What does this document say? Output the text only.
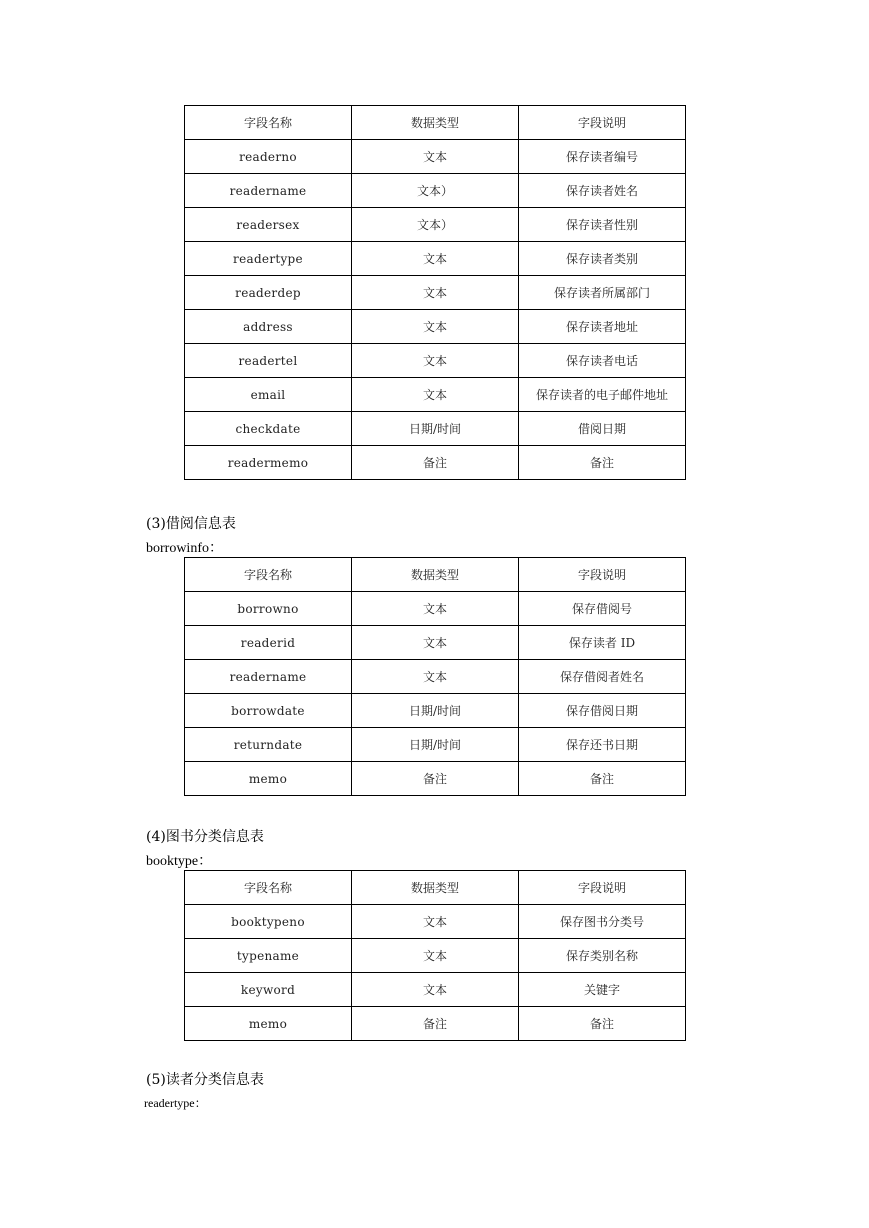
字段名称	数据类型	字段说明
readerno	文本	保存读者编号
readername	文本）	保存读者姓名
readersex	文本）	保存读者性别
readertype	文本	保存读者类别
readerdep	文本	保存读者所属部门
address	文本	保存读者地址
readertel	文本	保存读者电话
email	文本	保存读者的电子邮件地址
checkdate	日期/时间	借阅日期
readermemo	备注	备注
(3)借阅信息表
borrowinfo：
字段名称	数据类型	字段说明
borrowno	文本	保存借阅号
readerid	文本	保存读者 ID
readername	文本	保存借阅者姓名
borrowdate	日期/时间	保存借阅日期
returndate	日期/时间	保存还书日期
memo	备注	备注
(4)图书分类信息表
booktype：
字段名称	数据类型	字段说明
booktypeno	文本	保存图书分类号
typename	文本	保存类别名称
keyword	文本	关键字
memo	备注	备注
(5)读者分类信息表
readertype：
